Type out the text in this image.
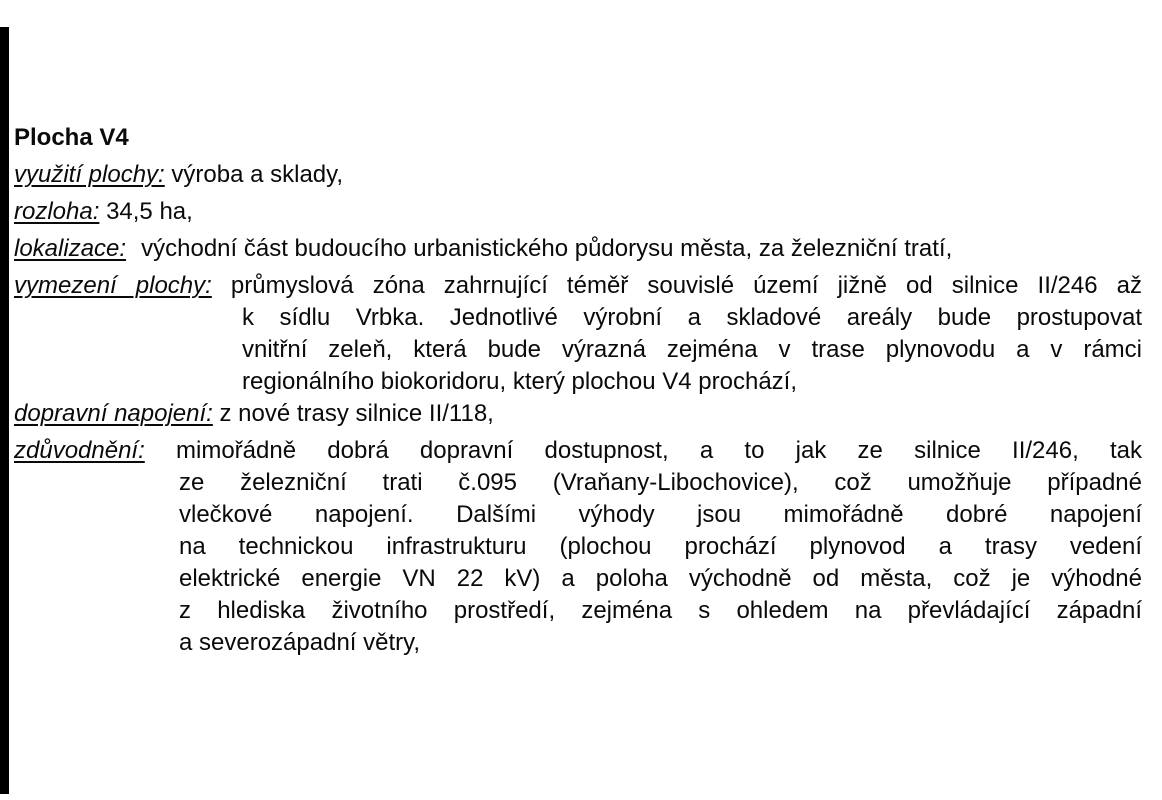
Plocha V4
využití plochy: výroba a sklady,
rozloha: 34,5 ha,
lokalizace: východní část budoucího urbanistického půdorysu města, za železniční tratí,
vymezení plochy: průmyslová zóna zahrnující téměř souvislé území jižně od silnice II/246 až
k sídlu Vrbka. Jednotlivé výrobní a skladové areály bude prostupovat
vnitřní zeleň, která bude výrazná zejména v trase plynovodu a v rámci
regionálního biokoridoru, který plochou V4 prochází,
dopravní napojení: z nové trasy silnice II/118,
zdůvodnění: mimořádně dobrá dopravní dostupnost, a to jak ze silnice II/246, tak
ze železniční trati č.095 (Vraňany-Libochovice), což umožňuje případné
vlečkové napojení. Dalšími výhody jsou mimořádně dobré napojení
na technickou infrastrukturu (plochou prochází plynovod a trasy vedení
elektrické energie VN 22 kV) a poloha východně od města, což je výhodné
z hlediska životního prostředí, zejména s ohledem na převládající západní
a severozápadní větry,
